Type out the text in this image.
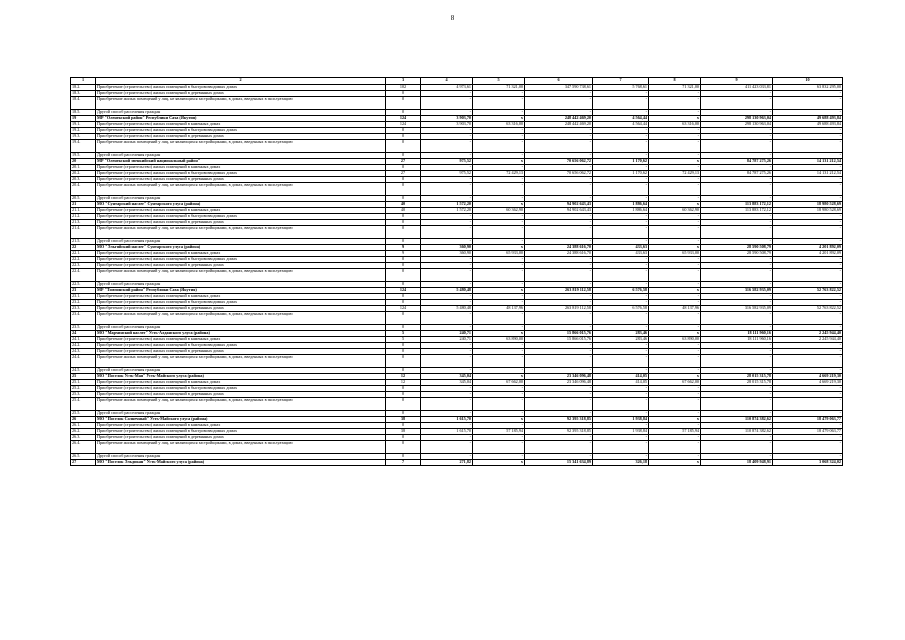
8
1	2	3	4	5	6	7	8	9	10
18.2.	Приобретение (строительство) жилых помещений в быстровозводимых домах	102	4 973,61	71 321,00	347 590 738,61	5 768,61	71 321,00	411 423 033,81	63 832 295,00
18.3.	Приобретение (строительство) жилых помещений в деревянных домах	0	-	-	-	-	-	-	-
18.4.	Приобретение жилых помещений у лиц, не являющихся застройщиками, в домах, введенных в эксплуатацию	0	-	-	-	-	-	-	-
18.5.	Другой способ расселения граждан	0	-	-	-	-	-	-	-
19	МР "Оленекский район" Республики Саха (Якутия)	124	3 903,70	x	248 442 469,20	4 564,44	x	298 130 963,04	49 688 493,84
19.1.	Приобретение (строительство) жилых помещений в каменных домах	124	3 903,70	63 316,00	248 442 469,20	4 564,44	63 316,00	298 130 963,04	49 688 493,84
19.2.	Приобретение (строительство) жилых помещений в быстровозводимых домах	0	-	-	-	-	-	-	-
19.3.	Приобретение (строительство) жилых помещений в деревянных домах	0	-	-	-	-	-	-	-
19.4.	Приобретение жилых помещений у лиц, не являющихся застройщиками, в домах, введенных в эксплуатацию	0	-	-	-	-	-	-	-
19.5.	Другой способ расселения граждан	0	-	-	-	-	-	-	-
20	МР "Оленекский эвенкийский национальный район"	27	975,52	x	70 656 062,72	1 170,62	x	84 787 275,26	14 131 212,54
20.1.	Приобретение (строительство) жилых помещений в каменных домах	0	-	-	-	-	-	-	-
20.2.	Приобретение (строительство) жилых помещений в быстровозводимых домах	27	975,52	72 429,13	70 656 062,72	1 170,62	72 429,13	84 787 275,26	14 131 212,54
20.3.	Приобретение (строительство) жилых помещений в деревянных домах	0	-	-	-	-	-	-	-
20.4.	Приобретение жилых помещений у лиц, не являющихся застройщиками, в домах, введенных в эксплуатацию	0	-	-	-	-	-	-	-
20.5.	Другой способ расселения граждан	0	-	-	-	-	-	-	-
21	МО "Сунтарский наслег" Сунтарского улуса (района)	40	1 572,20	x	94 902 643,43	1 886,64	x	113 883 172,12	18 980 528,69
21.1.	Приобретение (строительство) жилых помещений в каменных домах	40	1 572,20	60 362,90	94 902 643,43	1 886,64	60 362,90	113 883 172,12	18 980 528,69
21.2.	Приобретение (строительство) жилых помещений в быстровозводимых домах	0	-	-	-	-	-	-	-
21.3.	Приобретение (строительство) жилых помещений в деревянных домах	0	-	-	-	-	-	-	-
21.4.	Приобретение жилых помещений у лиц, не являющихся застройщиками, в домах, введенных в эксплуатацию	0	-	-	-	-	-	-	-
21.5.	Другой способ расселения граждан	0	-	-	-	-	-	-	-
22	МО "Эльгяйский наслег" Сунтарского улуса (района)	9	360,90	x	24 388 616,70	433,63	x	28 590 508,79	4 201 892,09
22.1.	Приобретение (строительство) жилых помещений в каменных домах	9	360,90	65 933,00	24 388 616,70	433,63	65 933,00	28 590 508,79	4 201 892,09
22.2.	Приобретение (строительство) жилых помещений в быстровозводимых домах	0	-	-	-	-	-	-	-
22.3.	Приобретение (строительство) жилых помещений в деревянных домах	0	-	-	-	-	-	-	-
22.4.	Приобретение жилых помещений у лиц, не являющихся застройщиками, в домах, введенных в эксплуатацию	0	-	-	-	-	-	-	-
22.5.	Другой способ расселения граждан	0	-	-	-	-	-	-	-
23	МР "Томпонский район" Республики Саха (Якутия)	124	5 480,48	x	263 819 112,58	6 576,58	x	316 582 935,09	52 763 822,52
23.1.	Приобретение (строительство) жилых помещений в каменных домах	0	-	-	-	-	-	-	-
23.2.	Приобретение (строительство) жилых помещений в быстровозводимых домах	0	-	-	-	-	-	-	-
23.3.	Приобретение (строительство) жилых помещений в деревянных домах	124	5 480,48	48 137,96	263 819 112,58	6 576,58	48 137,96	316 582 935,09	52 763 822,52
23.4.	Приобретение жилых помещений у лиц, не являющихся застройщиками, в домах, введенных в эксплуатацию	0	-	-	-	-	-	-	-
23.5.	Другой способ расселения граждан	0	-	-	-	-	-	-	-
24	МО "Мархинский наслег" Усть-Алданского улуса (района)	5	240,71	x	15 866 015,76	283,46	x	18 111 960,16	2 245 944,40
24.1.	Приобретение (строительство) жилых помещений в каменных домах	5	240,71	63 890,00	15 866 015,76	283,46	63 890,00	18 111 960,16	2 245 944,40
24.2.	Приобретение (строительство) жилых помещений в быстровозводимых домах	0	-	-	-	-	-	-	-
24.3.	Приобретение (строительство) жилых помещений в деревянных домах	0	-	-	-	-	-	-	-
24.4.	Приобретение жилых помещений у лиц, не являющихся застройщиками, в домах, введенных в эксплуатацию	0	-	-	-	-	-	-	-
24.5.	Другой способ расселения граждан	0	-	-	-	-	-	-	-
25	МО "Поселок Усть-Мая" Усть-Майского улуса (района)	12	345,04	x	23 346 096,48	414,05	x	28 015 315,78	4 669 219,30
25.1.	Приобретение (строительство) жилых помещений в каменных домах	12	345,04	67 662,00	23 346 096,48	414,05	67 662,00	28 015 315,78	4 669 219,30
25.2.	Приобретение (строительство) жилых помещений в быстровозводимых домах	0	-	-	-	-	-	-	-
25.3.	Приобретение (строительство) жилых помещений в деревянных домах	0	-	-	-	-	-	-	-
25.4.	Приобретение жилых помещений у лиц, не являющихся застройщиками, в домах, введенных в эксплуатацию	0	-	-	-	-	-	-	-
25.5.	Другой способ расселения граждан	0	-	-	-	-	-	-	-
26	МО "Поселок Солнечный" Усть-Майского улуса (района)	38	1 615,70	x	92 395 318,85	1 938,84	x	110 874 382,62	18 479 063,77
26.1.	Приобретение (строительство) жилых помещений в каменных домах	0	-	-	-	-	-	-	-
26.2.	Приобретение (строительство) жилых помещений в быстровозводимых домах	38	1 615,70	57 185,94	92 395 318,85	1 938,84	57 185,94	110 874 382,62	18 479 063,77
26.3.	Приобретение (строительство) жилых помещений в деревянных домах	0	-	-	-	-	-	-	-
26.4.	Приобретение жилых помещений у лиц, не являющихся застройщиками, в домах, введенных в эксплуатацию	0	-	-	-	-	-	-	-
26.5.	Другой способ расселения граждан	0	-	-	-	-	-	-	-
27	МО "Поселок Эльдикан" Усть-Майского улуса (района)	7	271,82	x	15 341 634,89	326,18	x	18 409 948,91	3 068 324,02
